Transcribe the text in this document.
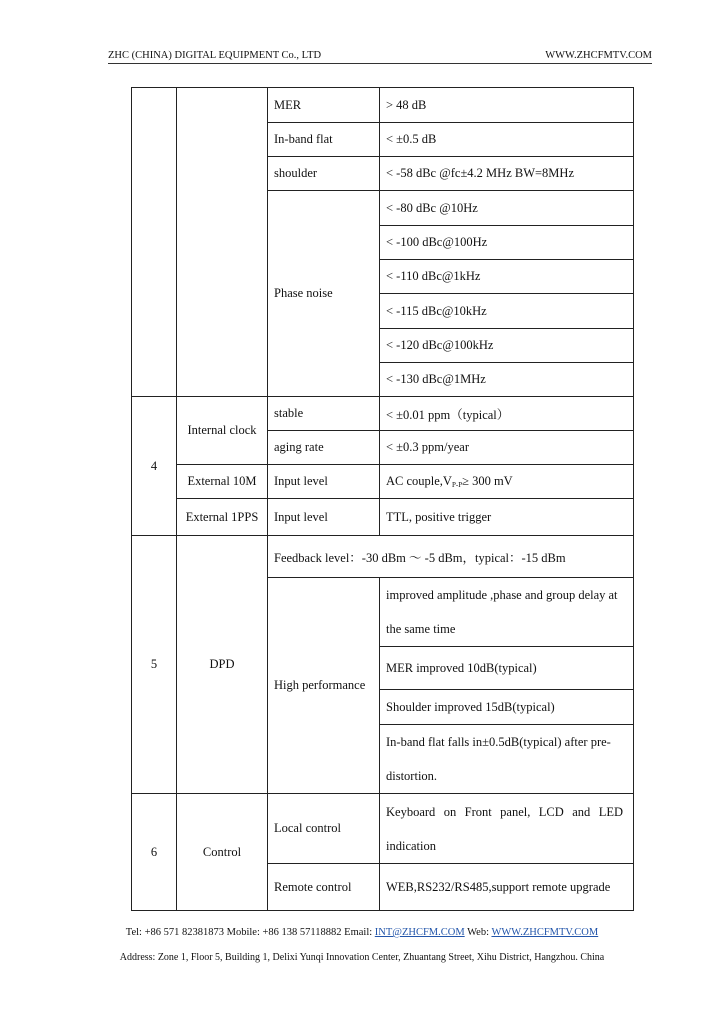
ZHC (CHINA) DIGITAL EQUIPMENT Co., LTD	WWW.ZHCFMTV.COM
		MER	> 48 dB
		In-band flat	< ±0.5 dB
		shoulder	< -58 dBc @fc±4.2 MHz BW=8MHz
		Phase noise	< -80 dBc @10Hz
			< -100 dBc@100Hz
			< -110 dBc@1kHz
			< -115 dBc@10kHz
			< -120 dBc@100kHz
			< -130 dBc@1MHz
4	Internal clock	stable	< ±0.01 ppm（typical）
		aging rate	< ±0.3 ppm/year
	External 10M	Input level	AC $couple,V_{P-P}\ge 300$ mV
	External 1PPS	Input level	TTL, positive trigger
5	DPD	Feedback level：-30 dBm ～ -5 dBm，typical：-15 dBm	
		High performance	improved amplitude ,phase and group delay at the same time
			MER improved 10dB(typical)
			Shoulder improved 15dB(typical)
			In-band flat falls in±0.5dB(typical) after pre-distortion.
6	Control	Local control	Keyboard on Front panel, LCD and LED indication
		Remote control	WEB,RS232/RS485,support remote upgrade
Tel: +86 571 82381873 Mobile: +86 138 57118882 Email: INT@ZHCFM.COM Web: WWW.ZHCFMTV.COM
Address: Zone 1, Floor 5, Building 1, Delixi Yunqi Innovation Center, Zhuantang Street, Xihu District, Hangzhou. China
